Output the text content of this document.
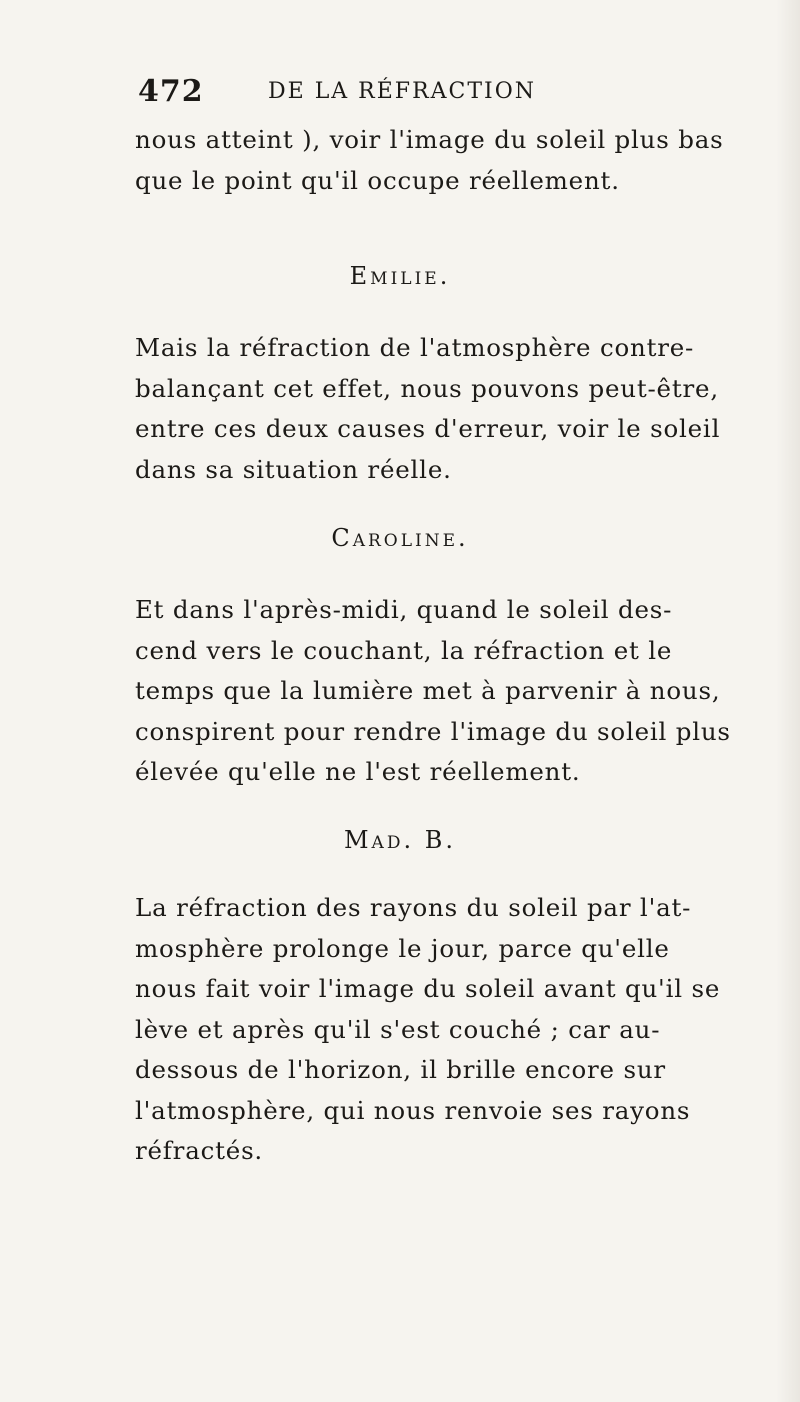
472	DE LA RÉFRACTION
nous atteint ), voir l'image du soleil plus bas
que le point qu'il occupe réellement.
Emilie.
Mais la réfraction de l'atmosphère contre-
balançant cet effet, nous pouvons peut-être,
entre ces deux causes d'erreur, voir le soleil
dans sa situation réelle.
Caroline.
Et dans l'après-midi, quand le soleil des-
cend vers le couchant, la réfraction et le
temps que la lumière met à parvenir à nous,
conspirent pour rendre l'image du soleil plus
élevée qu'elle ne l'est réellement.
Mad. B.
La réfraction des rayons du soleil par l'at-
mosphère prolonge le jour, parce qu'elle
nous fait voir l'image du soleil avant qu'il se
lève et après qu'il s'est couché ; car au-
dessous de l'horizon, il brille encore sur
l'atmosphère, qui nous renvoie ses rayons
réfractés.
